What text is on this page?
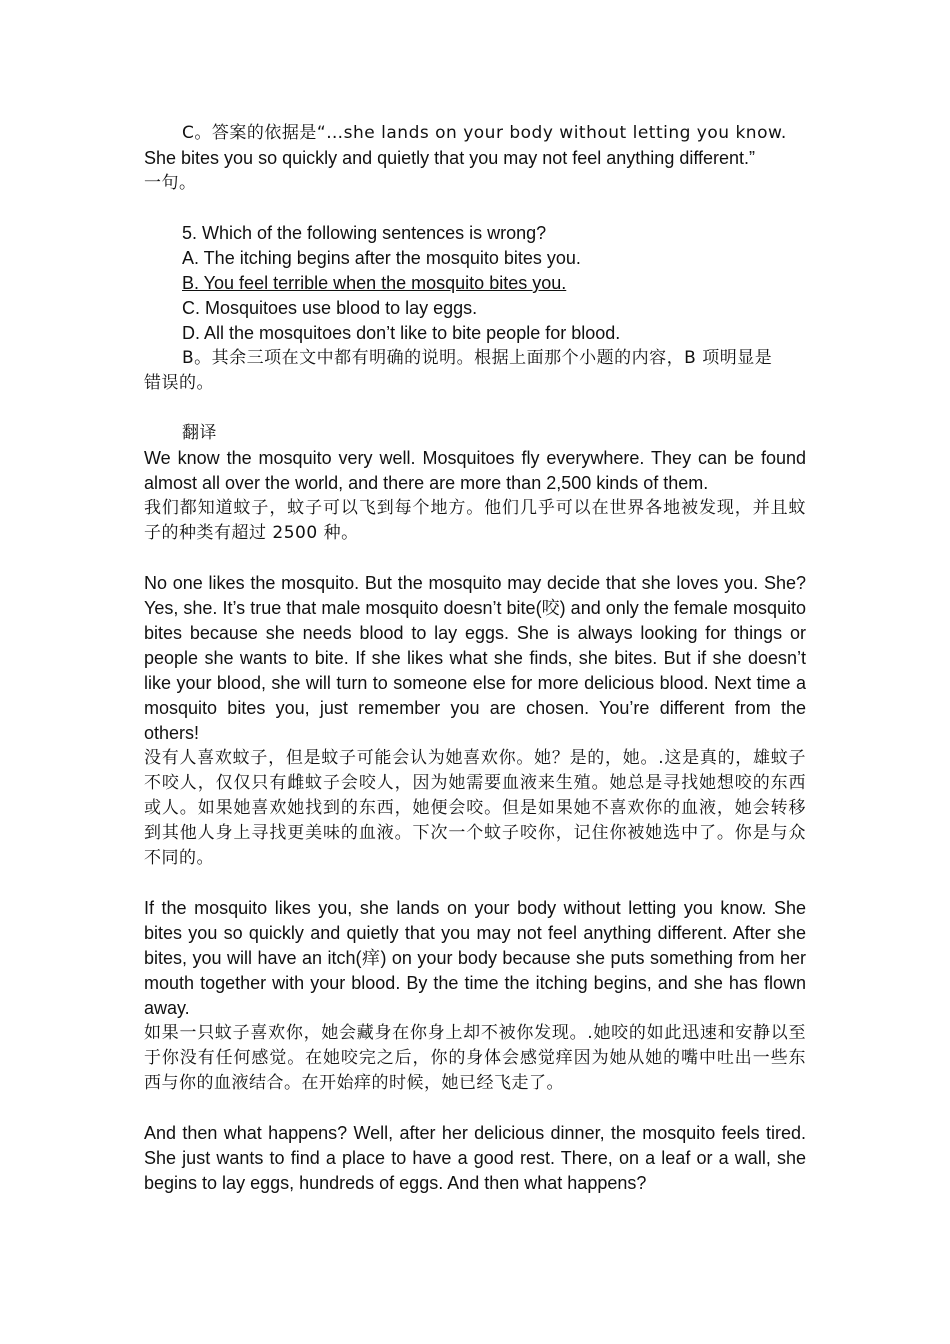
C。答案的依据是“…she lands on your body without letting you know.

She bites you so quickly and quietly that you may not feel anything different.”

一句。

5. Which of the following sentences is wrong?

A. The itching begins after the mosquito bites you.

B. You feel terrible when the mosquito bites you.

C. Mosquitoes use blood to lay eggs.

D. All the mosquitoes don’t like to bite people for blood.

B。其余三项在文中都有明确的说明。根据上面那个小题的内容，B 项明显是

错误的。

翻译

We know the mosquito very well. Mosquitoes fly everywhere. They can be found almost all over the world, and there are more than 2,500 kinds of them.

我们都知道蚊子，蚊子可以飞到每个地方。他们几乎可以在世界各地被发现，并且蚊子的种类有超过 2500 种。

No one likes the mosquito. But the mosquito may decide that she loves you. She? Yes, she. It’s true that male mosquito doesn’t bite(咬) and only the female mosquito bites because she needs blood to lay eggs. She is always looking for things or people she wants to bite. If she likes what she finds, she bites. But if she doesn’t like your blood, she will turn to someone else for more delicious blood. Next time a mosquito bites you, just remember you are chosen. You’re different from the others!

没有人喜欢蚊子，但是蚊子可能会认为她喜欢你。她？是的，她。.这是真的，雄蚊子不咬人，仅仅只有雌蚊子会咬人，因为她需要血液来生殖。她总是寻找她想咬的东西或人。如果她喜欢她找到的东西，她便会咬。但是如果她不喜欢你的血液，她会转移到其他人身上寻找更美味的血液。下次一个蚊子咬你，记住你被她选中了。你是与众不同的。

If the mosquito likes you, she lands on your body without letting you know. She bites you so quickly and quietly that you may not feel anything different. After she bites, you will have an itch(痒) on your body because she puts something from her mouth together with your blood. By the time the itching begins, and she has flown away.

如果一只蚊子喜欢你，她会藏身在你身上却不被你发现。.她咬的如此迅速和安静以至于你没有任何感觉。在她咬完之后，你的身体会感觉痒因为她从她的嘴中吐出一些东西与你的血液结合。在开始痒的时候，她已经飞走了。

And then what happens? Well, after her delicious dinner, the mosquito feels tired. She just wants to find a place to have a good rest. There, on a leaf or a wall, she begins to lay eggs, hundreds of eggs. And then what happens?
